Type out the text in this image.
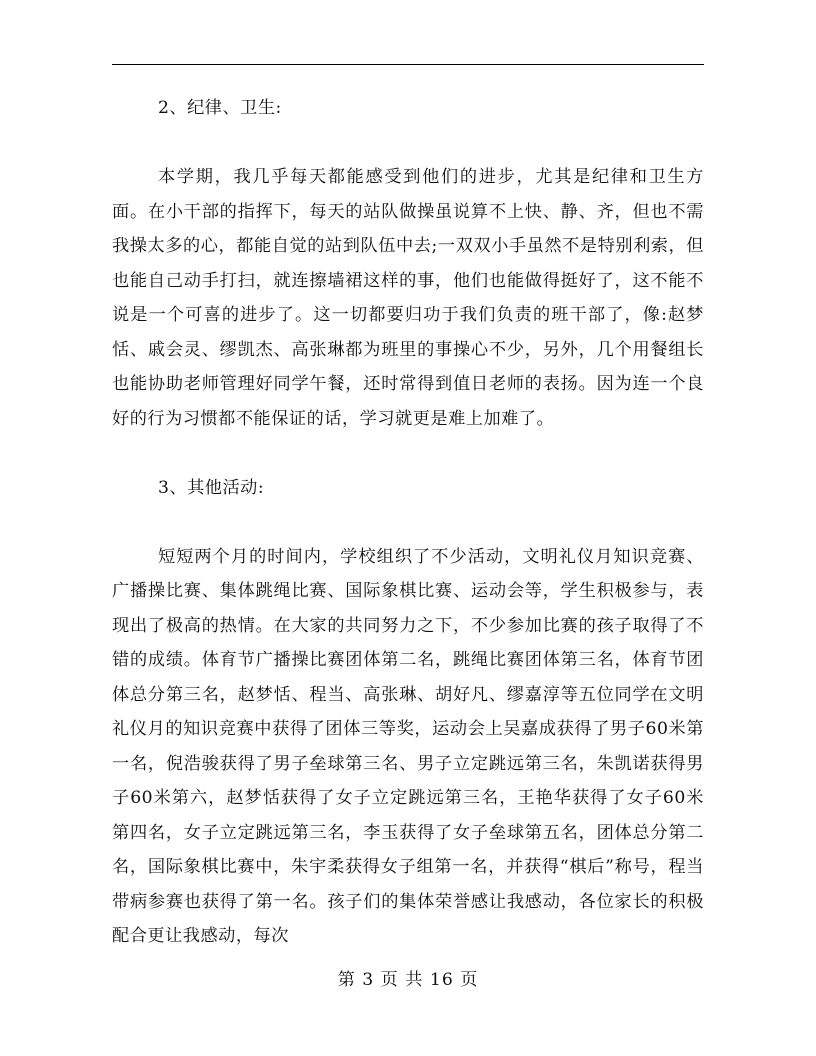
2、纪律、卫生:

本学期，我几乎每天都能感受到他们的进步，尤其是纪律和卫生方面。在小干部的指挥下，每天的站队做操虽说算不上快、静、齐，但也不需我操太多的心，都能自觉的站到队伍中去;一双双小手虽然不是特别利索，但也能自己动手打扫，就连擦墙裙这样的事，他们也能做得挺好了，这不能不说是一个可喜的进步了。这一切都要归功于我们负责的班干部了，像:赵梦恬、戚会灵、缪凯杰、高张琳都为班里的事操心不少，另外，几个用餐组长也能协助老师管理好同学午餐，还时常得到值日老师的表扬。因为连一个良好的行为习惯都不能保证的话，学习就更是难上加难了。

3、其他活动:

短短两个月的时间内，学校组织了不少活动，文明礼仪月知识竞赛、广播操比赛、集体跳绳比赛、国际象棋比赛、运动会等，学生积极参与，表现出了极高的热情。在大家的共同努力之下，不少参加比赛的孩子取得了不错的成绩。体育节广播操比赛团体第二名，跳绳比赛团体第三名，体育节团体总分第三名，赵梦恬、程当、高张琳、胡好凡、缪嘉淳等五位同学在文明礼仪月的知识竞赛中获得了团体三等奖，运动会上吴嘉成获得了男子60米第一名，倪浩骏获得了男子垒球第三名、男子立定跳远第三名，朱凯诺获得男子60米第六，赵梦恬获得了女子立定跳远第三名，王艳华获得了女子60米第四名，女子立定跳远第三名，李玉获得了女子垒球第五名，团体总分第二名，国际象棋比赛中，朱宇柔获得女子组第一名，并获得“棋后”称号，程当带病参赛也获得了第一名。孩子们的集体荣誉感让我感动，各位家长的积极配合更让我感动，每次

第 3 页 共 16 页
